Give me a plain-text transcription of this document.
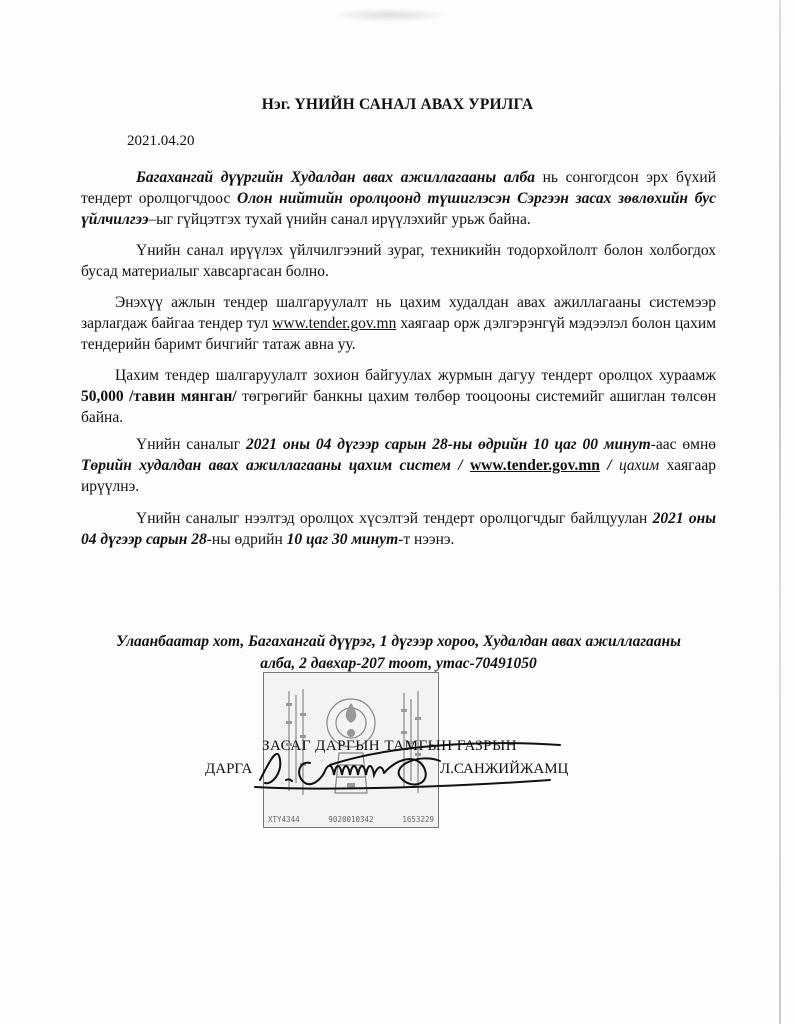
Нэг. ҮНИЙН САНАЛ АВАХ УРИЛГА
2021.04.20
Багахангай дүүргийн Худалдан авах ажиллагааны алба нь сонгогдсон эрх бүхий тендерт оролцогчдоос Олон нийтийн оролцоонд түшиглэсэн Сэргээн засах зөвлөхийн бус үйлчилгээ–ыг гүйцэтгэх тухай үнийн санал ирүүлэхийг урьж байна.
Үнийн санал ирүүлэх үйлчилгээний зураг, техникийн тодорхойлолт болон холбогдох бусад материалыг хавсаргасан болно.
Энэхүү ажлын тендер шалгаруулалт нь цахим худалдан авах ажиллагааны системээр зарлагдаж байгаа тендер тул www.tender.gov.mn хаягаар орж дэлгэрэнгүй мэдээлэл болон цахим тендерийн баримт бичгийг татаж авна уу.
Цахим тендер шалгаруулалт зохион байгуулах журмын дагуу тендерт оролцох хураамж 50,000 /тавин мянган/ төгрөгийг банкны цахим төлбөр тооцооны системийг ашиглан төлсөн байна.
Үнийн саналыг 2021 оны 04 дүгээр сарын 28-ны өдрийн 10 цаг 00 минут-аас өмнө Төрийн худалдан авах ажиллагааны цахим систем / www.tender.gov.mn / цахим хаягаар ирүүлнэ.
Үнийн саналыг нээлтэд оролцох хүсэлтэй тендерт оролцогчдыг байлцуулан 2021 оны 04 дүгээр сарын 28-ны өдрийн 10 цаг 30 минут-т нээнэ.
Улаанбаатар хот, Багахангай дүүрэг, 1 дүгээр хороо, Худалдан авах ажиллагааны
алба, 2 давхар-207 тоот, утас-70491050
ХТҮ4344	9020010342	1653229
ЗАСАГ ДАРГЫН ТАМГЫН ГАЗРЫН
ДАРГА	Л.САНЖИЙЖАМЦ
